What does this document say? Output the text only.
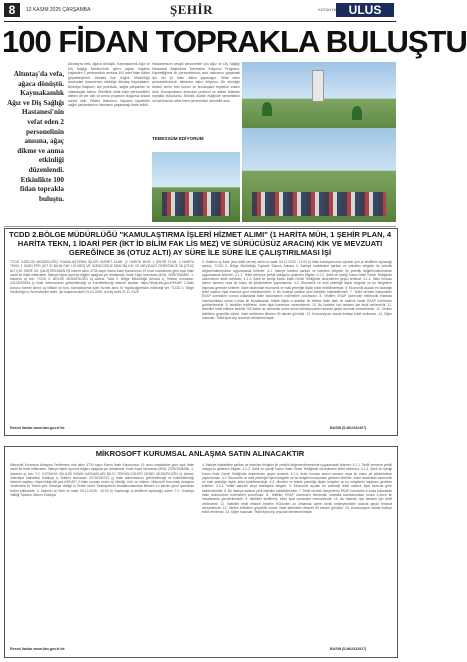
8	12 KASIM 2025 ÇARŞAMBA	ŞEHİR	KÜTAHYA	ULUS
100 FİDAN TOPRAKLA BULUŞTU
Altıntaş'da vefa, ağaca dönüştü. Kaymakamlık Ağız ve Diş Sağlığı Hastanesi'nin vefat eden 2 personelinin anısına, ağaç dikme ve anma etkinliği düzenlendi. Etkinlikte 100 fidan toprakla buluştu.
Altıntaş'ta vefa, ağaca dönüştü. Kaymakamlık Ağız ve Diş Sağlığı Merkezi'nde görev yapan hayatını kaybeden 2 personelinin anısına 100 adet fidan dikimi gerçekleştirildi. Altıntaş İlçe Sağlık Müdürlüğü tarafından düzenlenen etkinliğe Altıntaş Kaymakamı, Belediye Başkanı, ilçe protokolü, sağlık çalışanları ve vatandaşlar katıldı. Etkinlikte vefat eden personellerin aileleri de yer aldı ve anma programı duygusal anlara sahne oldu. Dikilen fidanların, hayatını kaybeden sağlık çalışanlarının hatırasını yaşatacağı ifade edildi.
Hastanemizin sevgili personelleri için Ağız ve Diş Sağlığı Hastanesi Başhekimi Tebessüm Ediyoruz Programı; Kaybettiğimiz iki personelimizin aziz hatırasını yaşatmak için her yıl fidan dikimi yapacağız. Vefat eden personellerimizin ailelerine sabır diliyoruz. Bu etkinliğe destek veren tüm kurum ve kuruluşlara teşekkür ederiz dedi. Konuşmaların ardından protokol ve aileler fidanları toprakla buluşturdu. Etkinlik dualar eşliğinde tamamlandı ve katılımcılar vefat eden personelleri rahmetle andı.
TEBESSÜM EDİYORUM
TCDD 2.BÖLGE MÜDÜRLÜĞÜ "KAMULAŞTIRMA İŞLERİ HİZMET ALIMI" (1 HARİTA MÜH, 1 ŞEHİR PLAN, 4 HARİTA TEKN, 1 İDARİ PER (İKT İD BİLİM FAK LİS MEZ) VE SÜRÜCÜSÜZ ARACIN) KİK VE MEVZUATI GEREĞİNCE 36 (OTUZ ALTI) AY SÜRE İLE SÜRE İLE ÇALIŞTIRILMASI İŞİ
TCDD 2.BÖLGE MÜDÜRLÜĞÜ "KAMULAŞTIRMA İŞLERİ HİZMET ALIMI" (1 HARİTA MÜH, 1 ŞEHİR PLAN, 4 HARİTA TEKN, 1 İDARİ PER (İKT İD BİLİM FAK LİS MEZ) VE SÜRÜCÜSÜZ ARACIN) KİK VE MEVZUATI GEREĞİNCE 36 (OTUZ ALTI) AY SÜRE İLE ÇALIŞTIRILMASI İŞİ hizmet alımı 4734 sayılı Kamu İhale Kanununun 19 uncu maddesine göre açık ihale usulü ile ihale edilecektir. İhaleye ilişkin ayrıntılı bilgiler aşağıda yer almaktadır. İhale Kayıt Numarası (İKN): 2025/1964851. 1-İdarenin a) Adı: TCDD 2. BÖLGE MÜDÜRLÜĞÜ b) Adresi: Tcdd 2. Bölge Müdürlüğü Ankara c) Telefon numarası: 03123090515 ç) İhale dokümanının görülebileceği ve indirilebileceği internet sayfası: https://ekap.kik.gov.tr/EKAP/ 2-İhale konusu hizmet alımın a) Miktarı ve türü: Kamulaştırma işleri hizmet alımı b) Yapılacağı/teslim edileceği yer: TCDD 2. Bölge Müdürlüğü c) Süresi/teslim tarihi: İşe başlama tarihi 01.01.2026, iş bitiş tarihi 31.12.2028
3- İhalenin a) İhale (son teklif verme) tarihi ve saati: 04.12.2025 - 11:00 b) İhale komisyonunun toplantı yeri (e-tekliflerin açılacağı adres): TCDD 2. Bölge Müdürlüğü Toplantı Salonu Ankara 4. İhaleye katılabilme şartları ve istenilen belgeler ile yeterlik değerlendirmesinde uygulanacak kriterler: 4.1. İhaleye katılma şartları ve istenilen belgeler ile yeterlik değerlendirmesinde uygulanacak kriterler: 4.1.1. Teklif vermeye yetkili olduğunu gösteren bilgiler; 4.1.2. Şekli ve içeriği Kamu İhale Genel Tebliğinde düzenlenen teklif mektubu; 4.1.3. Şekli ve içeriği Kamu İhale Genel Tebliğinde düzenlenen geçici teminat; 4.1.4. İhale konusu alımın tamamı veya bir kısmı alt yüklenicilere yaptırılamaz. 4.2. Ekonomik ve mali yeterliğe ilişkin belgeler ve bu belgelerin taşıması gereken kriterler: İdare tarafından ekonomik ve mali yeterliğe ilişkin kriter belirtilmemiştir. 5. Ekonomik açıdan en avantajlı teklif sadece fiyat esasına göre belirlenecektir. 6. Bu ihaleye sadece yerli istekliler katılabilecektir. 7. Teklif vermek isteyenlerin EKAP üzerinden e-imza kullanarak ihale dokümanını indirmeleri zorunludur. 8. Teklifler, EKAP üzerinden elektronik ortamda hazırlandıktan sonra e-imza ile imzalanarak, teklife ilişkin e-anahtar ile birlikte ihale tarih ve saatine kadar EKAP üzerinden gönderilecektir. 9. İstekliler tekliflerini, birim fiyat üzerinden vereceklerdir. 10. Bu ihalede, işin tamamı için teklif verilecektir. 11. İstekliler teklif ettikleri bedelin %3'ünden az olmamak üzere kendi belirleyecekleri tutarda geçici teminat vereceklerdir. 12. Verilen tekliflerin geçerlilik süresi, ihale tarihinden itibaren 90 takvim günüdür. 13. Konsorsiyum olarak ihaleye teklif verilemez. 14. Diğer hususlar: Teklif fiyat dışı unsurlar belirlenmemiştir.
Resmî ilanlar www.ilan.gov.tr'de	BASIN (İLN02332407)
MİKROSOFT KURUMSAL ANLAŞMA SATIN ALINACAKTIR
Mikrosoft Kurumsal Anlaşma Yenilemesi mal alımı 4734 sayılı Kamu İhale Kanununun 19 uncu maddesine göre açık ihale usulü ile ihale edilecektir. İhaleye ilişkin ayrıntılı bilgiler aşağıda yer almaktadır. İhale Kayıt Numarası (İKN): 2025/1946186. 1-İdarenin a) Adı: T.C. KÜTAHYA VALİLİĞİ İNSAN KAYNAKLARI BİLGİ TEKNOLOJİLERİ DENEL MÜDÜRLÜĞÜ b) Adresi: Zafertepe Mahallesi Kütahya c) Telefon numarası: 02742262213 ç) İhale dokümanının görülebileceği ve indirilebileceği internet sayfası: https://ekap.kik.gov.tr/EKAP/ 2-İhale konusu malın a) Niteliği, türü ve miktarı: Mikrosoft Kurumsal Anlaşma Yenilemesi b) Teslim yeri: Kütahya Valiliği c) Teslim tarihi: Sözleşmenin imzalanmasından itibaren 10 takvim günü içerisinde teslim edilecektir. 3- İhalenin a) Tarih ve saati: 05.12.2025 - 10:30 b) Yapılacağı (e-tekliflerin açılacağı) adres: T.C. Kütahya Valiliği Toplantı Salonu Kütahya
4. İhaleye katılabilme şartları ve istenilen belgeler ile yeterlik değerlendirmesinde uygulanacak kriterler: 4.1.1. Teklif vermeye yetkili olduğunu gösteren bilgiler; 4.1.2. Şekli ve içeriği Kamu İhale Genel Tebliğinde düzenlenen teklif mektubu; 4.1.3. Şekli ve içeriği Kamu İhale Genel Tebliğinde düzenlenen geçici teminat; 4.1.4. İhale konusu alımın tamamı veya bir kısmı alt yüklenicilere yaptırılamaz. 4.2. Ekonomik ve mali yeterliğe ilişkin belgeler ve bu belgelerin taşıması gereken kriterler: İdare tarafından ekonomik ve mali yeterliğe ilişkin kriter belirtilmemiştir. 4.3. Mesleki ve teknik yeterliğe ilişkin belgeler ve bu belgelerin taşıması gereken kriterler: 4.3.1. Yetkili satıcılık veya imalatçılık belgesi. 5. Ekonomik açıdan en avantajlı teklif sadece fiyat esasına göre belirlenecektir. 6. Bu ihaleye sadece yerli istekliler katılabilecektir. 7. Teklif vermek isteyenlerin EKAP üzerinden e-imza kullanarak ihale dokümanını indirmeleri zorunludur. 8. Teklifler, EKAP üzerinden elektronik ortamda hazırlandıktan sonra e-imza ile imzalanarak gönderilecektir. 9. İstekliler tekliflerini, birim fiyat üzerinden vereceklerdir. 10. Bu ihalede, işin tamamı için teklif verilecektir. 11. İstekliler teklif ettikleri bedelin %3'ünden az olmamak üzere kendi belirleyecekleri tutarda geçici teminat vereceklerdir. 12. Verilen tekliflerin geçerlilik süresi, ihale tarihinden itibaren 90 takvim günüdür. 13. Konsorsiyum olarak ihaleye teklif verilemez. 14. Diğer hususlar: Teklif fiyat dışı unsurlar belirlenmemiştir.
Resmî ilanlar www.ilan.gov.tr'de	BASIN (İLN02332917)
